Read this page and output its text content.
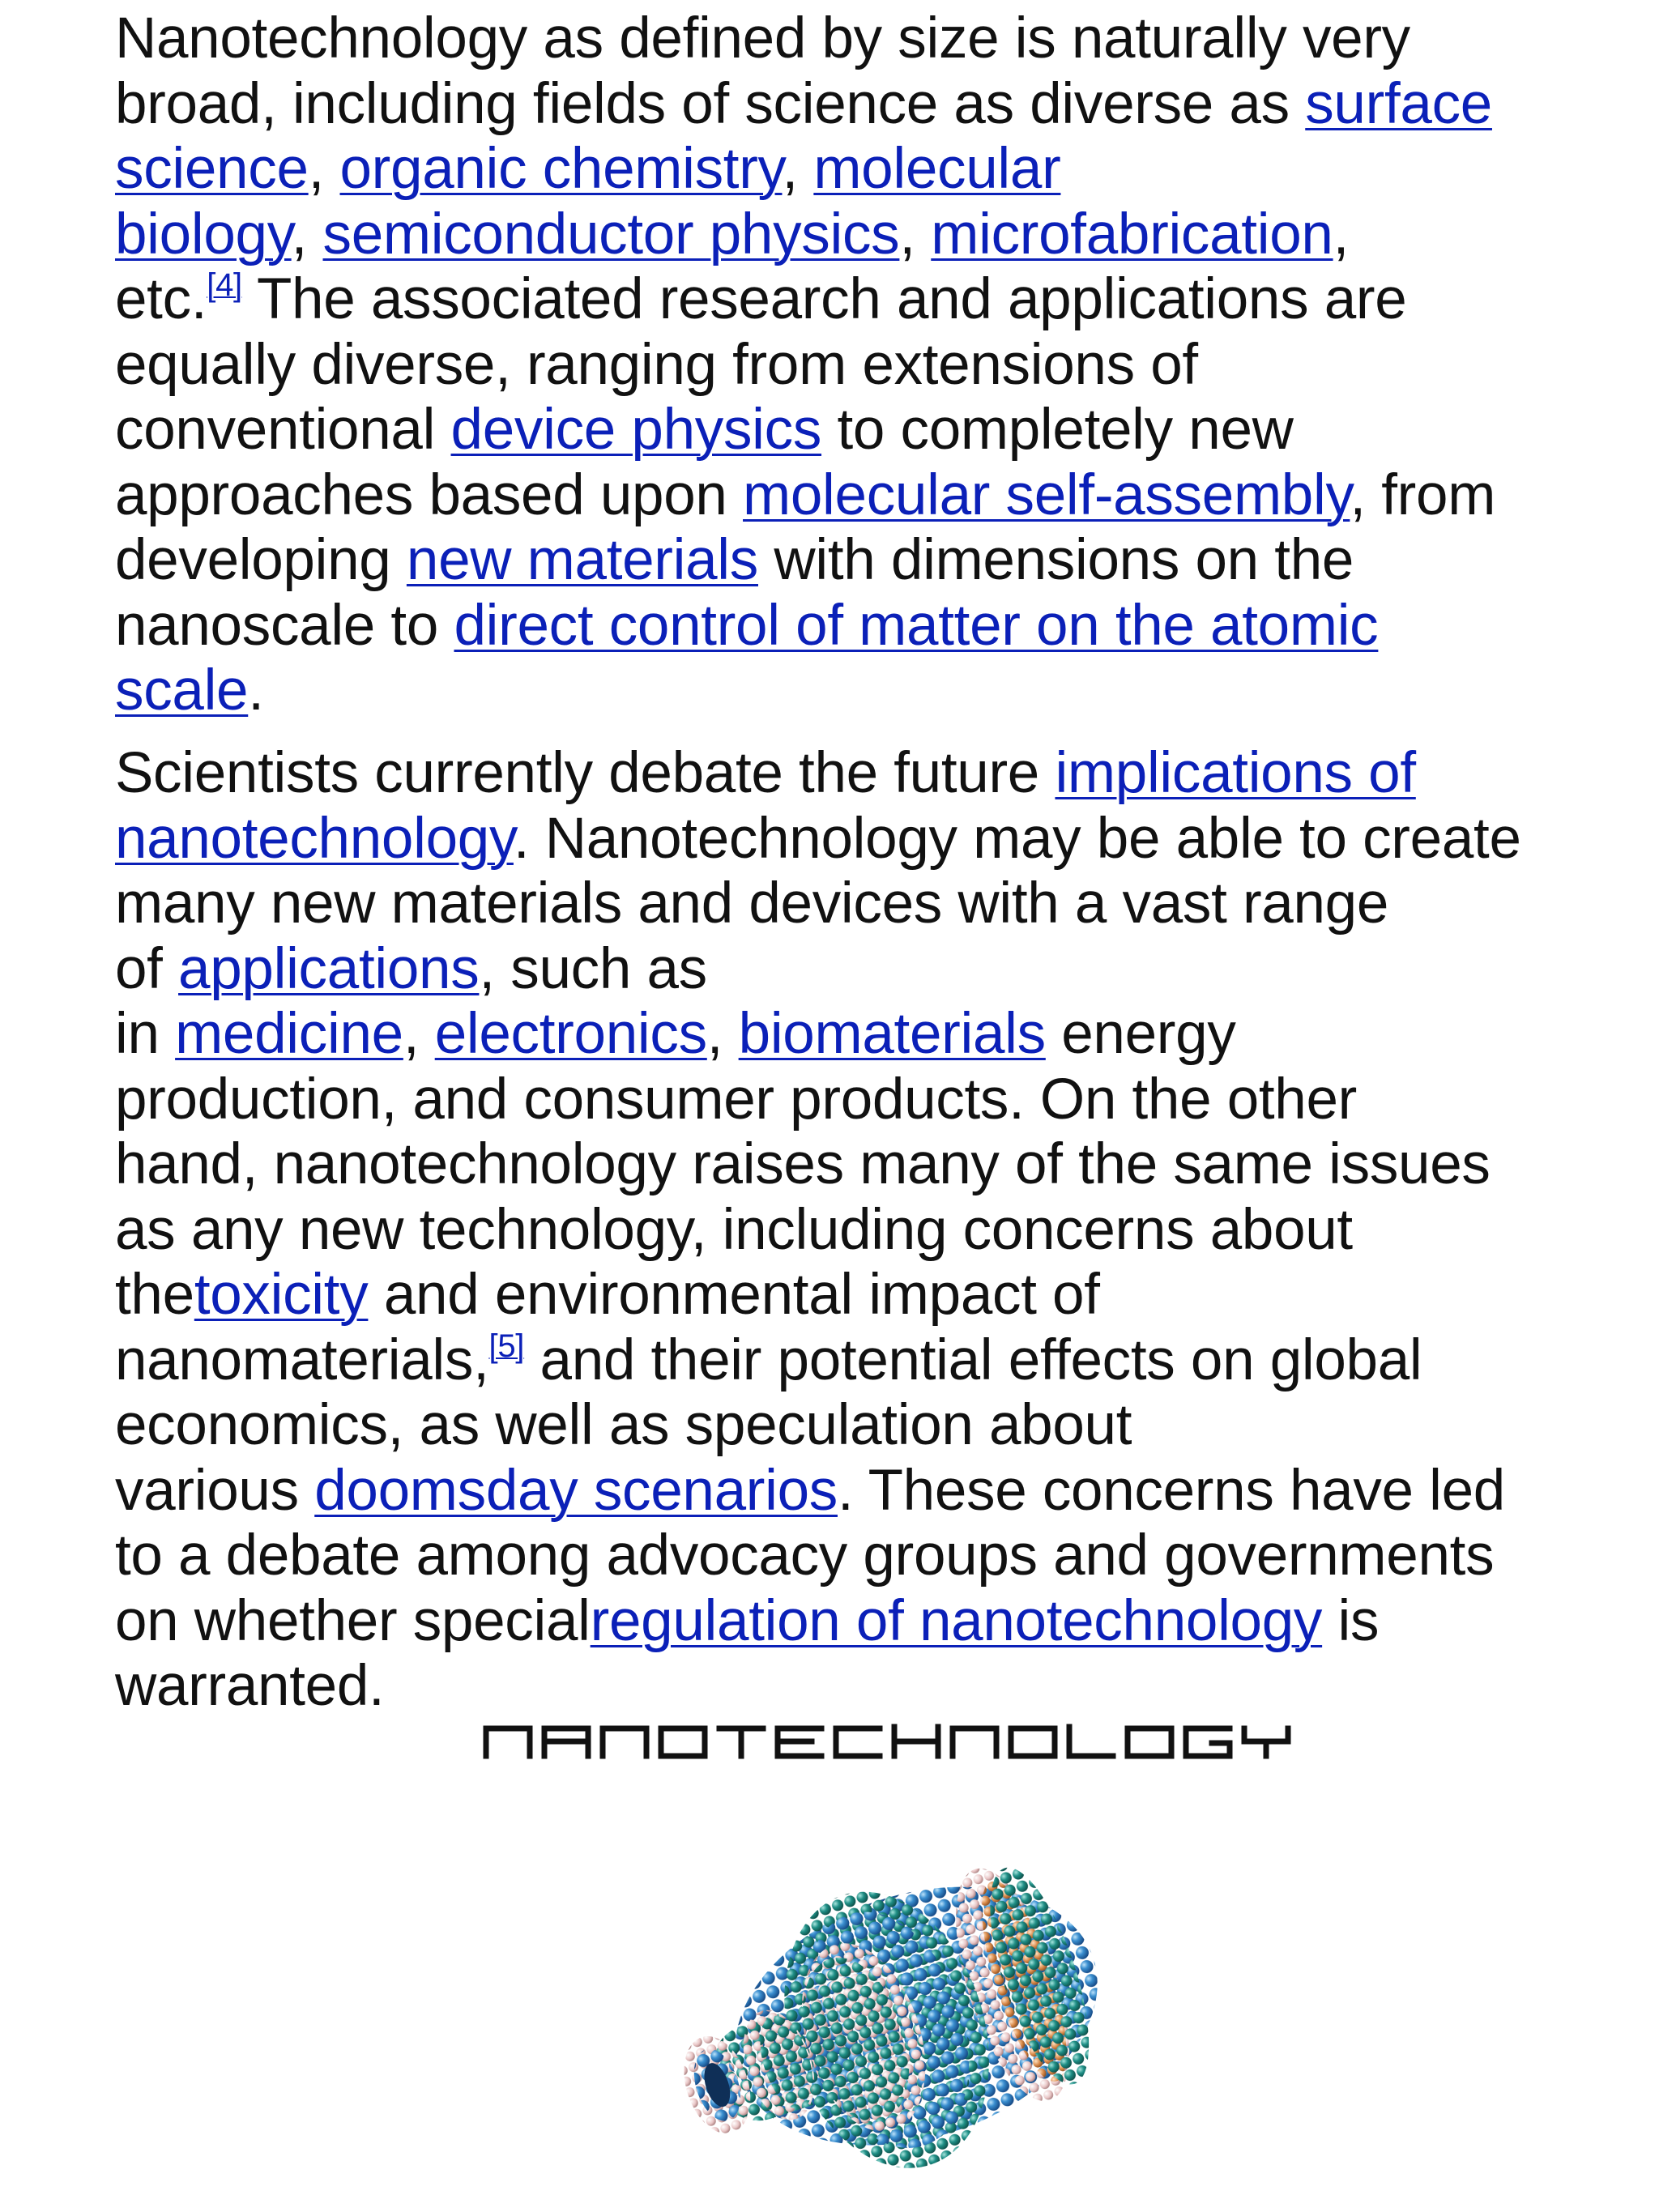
Nanotechnology as defined by size is naturally very
broad, including fields of science as diverse as surface
science, organic chemistry, molecular
biology, semiconductor physics, microfabrication,
etc.[4] The associated research and applications are
equally diverse, ranging from extensions of
conventional device physics to completely new
approaches based upon molecular self-assembly, from
developing new materials with dimensions on the
nanoscale to direct control of matter on the atomic
scale.

Scientists currently debate the future implications of
nanotechnology. Nanotechnology may be able to create
many new materials and devices with a vast range
of applications, such as
in medicine, electronics, biomaterials energy
production, and consumer products. On the other
hand, nanotechnology raises many of the same issues
as any new technology, including concerns about
thetoxicity and environmental impact of
nanomaterials,[5] and their potential effects on global
economics, as well as speculation about
various doomsday scenarios. These concerns have led
to a debate among advocacy groups and governments
on whether specialregulation of nanotechnology is
warranted.
